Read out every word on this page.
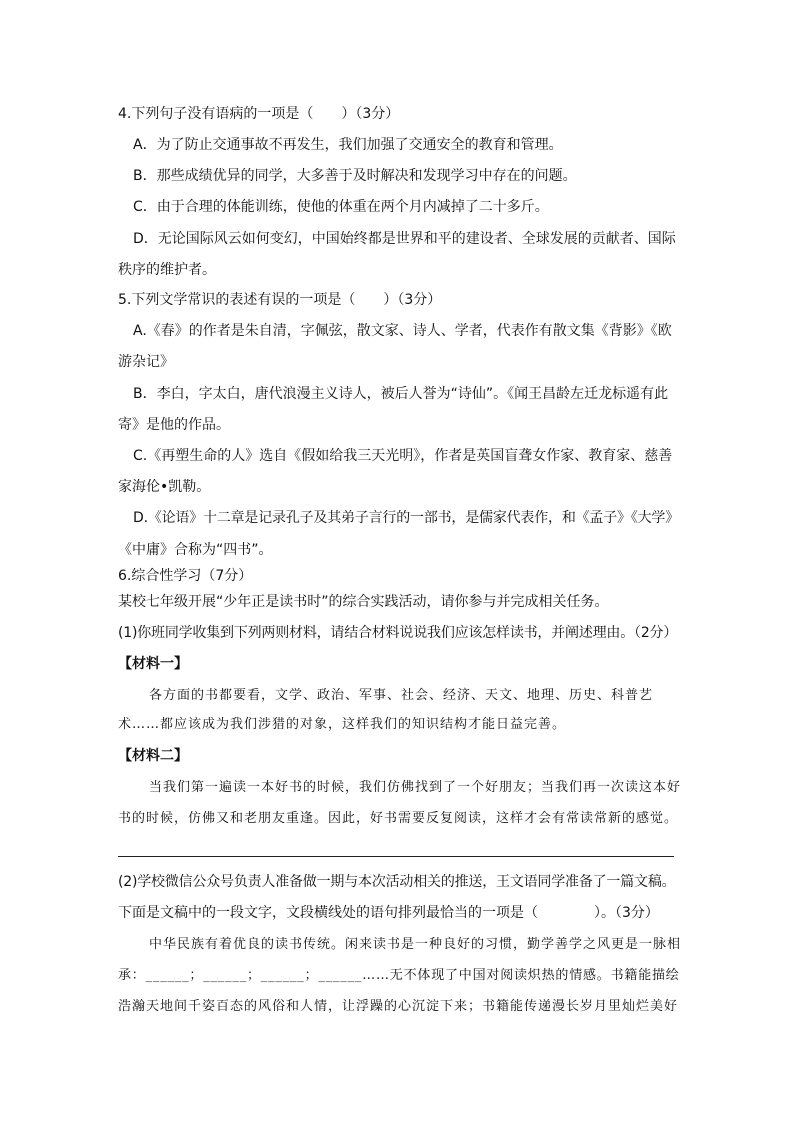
4.下列句子没有语病的一项是（　　）（3分）
A．为了防止交通事故不再发生，我们加强了交通安全的教育和管理。
B．那些成绩优异的同学，大多善于及时解决和发现学习中存在的问题。
C．由于合理的体能训练，使他的体重在两个月内减掉了二十多斤。
D．无论国际风云如何变幻，中国始终都是世界和平的建设者、全球发展的贡献者、国际
秩序的维护者。
5.下列文学常识的表述有误的一项是（　　）（3分）
A.《春》的作者是朱自清，字佩弦，散文家、诗人、学者，代表作有散文集《背影》《欧
游杂记》
B．李白，字太白，唐代浪漫主义诗人，被后人誉为“诗仙”。《闻王昌龄左迁龙标遥有此
寄》是他的作品。
C.《再塑生命的人》选自《假如给我三天光明》，作者是英国盲聋女作家、教育家、慈善
家海伦•凯勒。
D.《论语》十二章是记录孔子及其弟子言行的一部书，是儒家代表作，和《孟子》《大学》
《中庸》合称为“四书”。
6.综合性学习（7分）
某校七年级开展“少年正是读书时”的综合实践活动，请你参与并完成相关任务。
(1)你班同学收集到下列两则材料，请结合材料说说我们应该怎样读书，并阐述理由。（2分）
【材料一】
各方面的书都要看，文学、政治、军事、社会、经济、天文、地理、历史、科普艺
术……都应该成为我们涉猎的对象，这样我们的知识结构才能日益完善。
【材料二】
当我们第一遍读一本好书的时候，我们仿佛找到了一个好朋友；当我们再一次读这本好
书的时候，仿佛又和老朋友重逢。因此，好书需要反复阅读，这样才会有常读常新的感觉。
(2)学校微信公众号负责人准备做一期与本次活动相关的推送，王文语同学准备了一篇文稿。
下面是文稿中的一段文字，文段横线处的语句排列最恰当的一项是（　　　　）。（3分）
中华民族有着优良的读书传统。闲来读书是一种良好的习惯，勤学善学之风更是一脉相
承：______；______；______；______……无不体现了中国对阅读炽热的情感。书籍能描绘
浩瀚天地间千姿百态的风俗和人情，让浮躁的心沉淀下来；书籍能传递漫长岁月里灿烂美好
